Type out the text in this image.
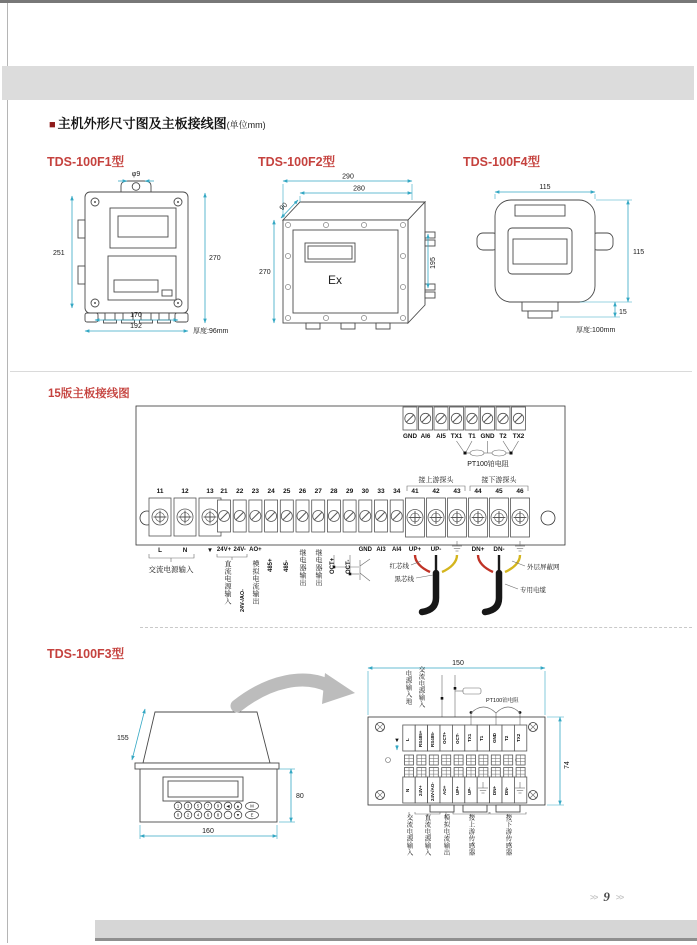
■ 主机外形尺寸图及主板接线图(单位mm)
TDS-100F1型	TDS-100F2型	TDS-100F4型
15版主板接线图
TDS-100F3型
φ9
251
270
170
192
厚度:96mm
Ex
290
280
90
270
195
115
115
15
厚度:100mm
GND AI6 AI5 TX1 T1 GND T2 TX2
PT100铂电阻
接上游探头	接下游探头
11
L
12
N
13
▼
21
24V+
22
24V-
23
AO+
24 25 26 27 28 29 30
GND
33
AI3
34
AI4
41
UP+
42
UP-
43 44
DN+
45
DN-
46
交流电源输入	红芯线
黑芯线
外层屏蔽网
专用电缆
485+ 485- 继电器输出 继电器输出 OCT+ OCT-
直流电源输入 24V-/AO- 模拟电流输出
1 3 5 7 9 ◀ ▲ M
0 2 4 6 8 . ▼	E
155
80
160
150
PT100铂电阻
▼
电源输入地 交流电源输入
L RS485+ RS485- OCT+ OCT- TX1 T1 GND T2 TX2
N 24V+ 24V-/AO- AO+ UP+ UP-	DN+ DN-
交流电源输入 直流电源输入 模拟电流输出	接上游传感器	接下游传感器
74
>> 9 >>
